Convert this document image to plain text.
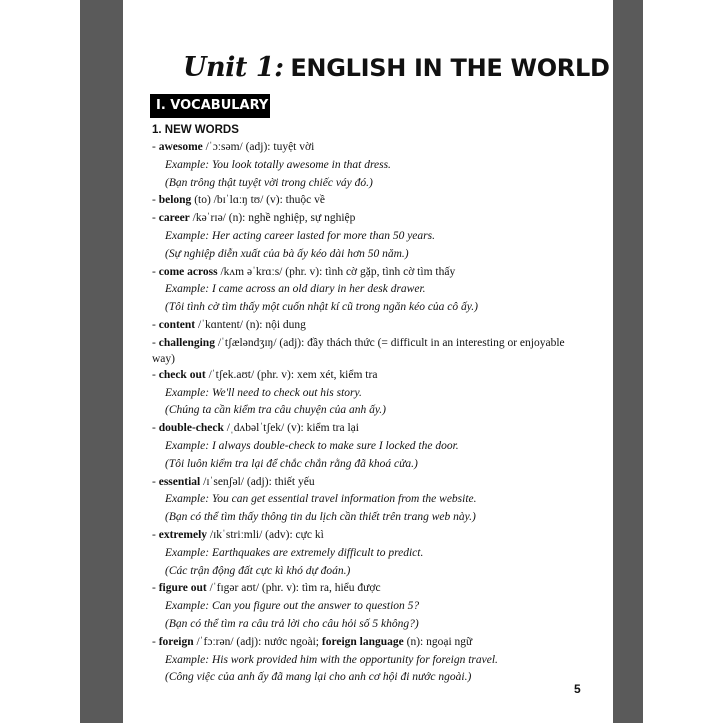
Unit 1: ENGLISH IN THE WORLD
I. VOCABULARY
1. NEW WORDS
- awesome /ˈɔːsəm/ (adj): tuyệt vời
Example: You look totally awesome in that dress.
(Bạn trông thật tuyệt vời trong chiếc váy đó.)
- belong (to) /bɪˈlɑːŋ tʊ/ (v): thuộc về
- career /kəˈrɪə/ (n): nghề nghiệp, sự nghiệp
Example: Her acting career lasted for more than 50 years.
(Sự nghiệp diễn xuất của bà ấy kéo dài hơn 50 năm.)
- come across /kʌm əˈkrɑːs/ (phr. v): tình cờ gặp, tình cờ tìm thấy
Example: I came across an old diary in her desk drawer.
(Tôi tình cờ tìm thấy một cuốn nhật kí cũ trong ngăn kéo của cô ấy.)
- content /ˈkɑntent/ (n): nội dung
- challenging /ˈtʃæləndʒɪŋ/ (adj): đầy thách thức (= difficult in an interesting or enjoyable way)
- check out /ˈtʃek.aʊt/ (phr. v): xem xét, kiểm tra
Example: We'll need to check out his story.
(Chúng ta cần kiểm tra câu chuyện của anh ấy.)
- double-check /ˌdʌbəlˈtʃek/ (v): kiểm tra lại
Example: I always double-check to make sure I locked the door.
(Tôi luôn kiểm tra lại để chắc chắn rằng đã khoá cửa.)
- essential /ɪˈsenʃəl/ (adj): thiết yếu
Example: You can get essential travel information from the website.
(Bạn có thể tìm thấy thông tin du lịch cần thiết trên trang web này.)
- extremely /ɪkˈstriːmli/ (adv): cực kì
Example: Earthquakes are extremely difficult to predict.
(Các trận động đất cực kì khó dự đoán.)
- figure out /ˈfɪgər aʊt/ (phr. v): tìm ra, hiểu được
Example: Can you figure out the answer to question 5?
(Bạn có thể tìm ra câu trả lời cho câu hỏi số 5 không?)
- foreign /ˈfɔːrən/ (adj): nước ngoài; foreign language (n): ngoại ngữ
Example: His work provided him with the opportunity for foreign travel.
(Công việc của anh ấy đã mang lại cho anh cơ hội đi nước ngoài.)
5
